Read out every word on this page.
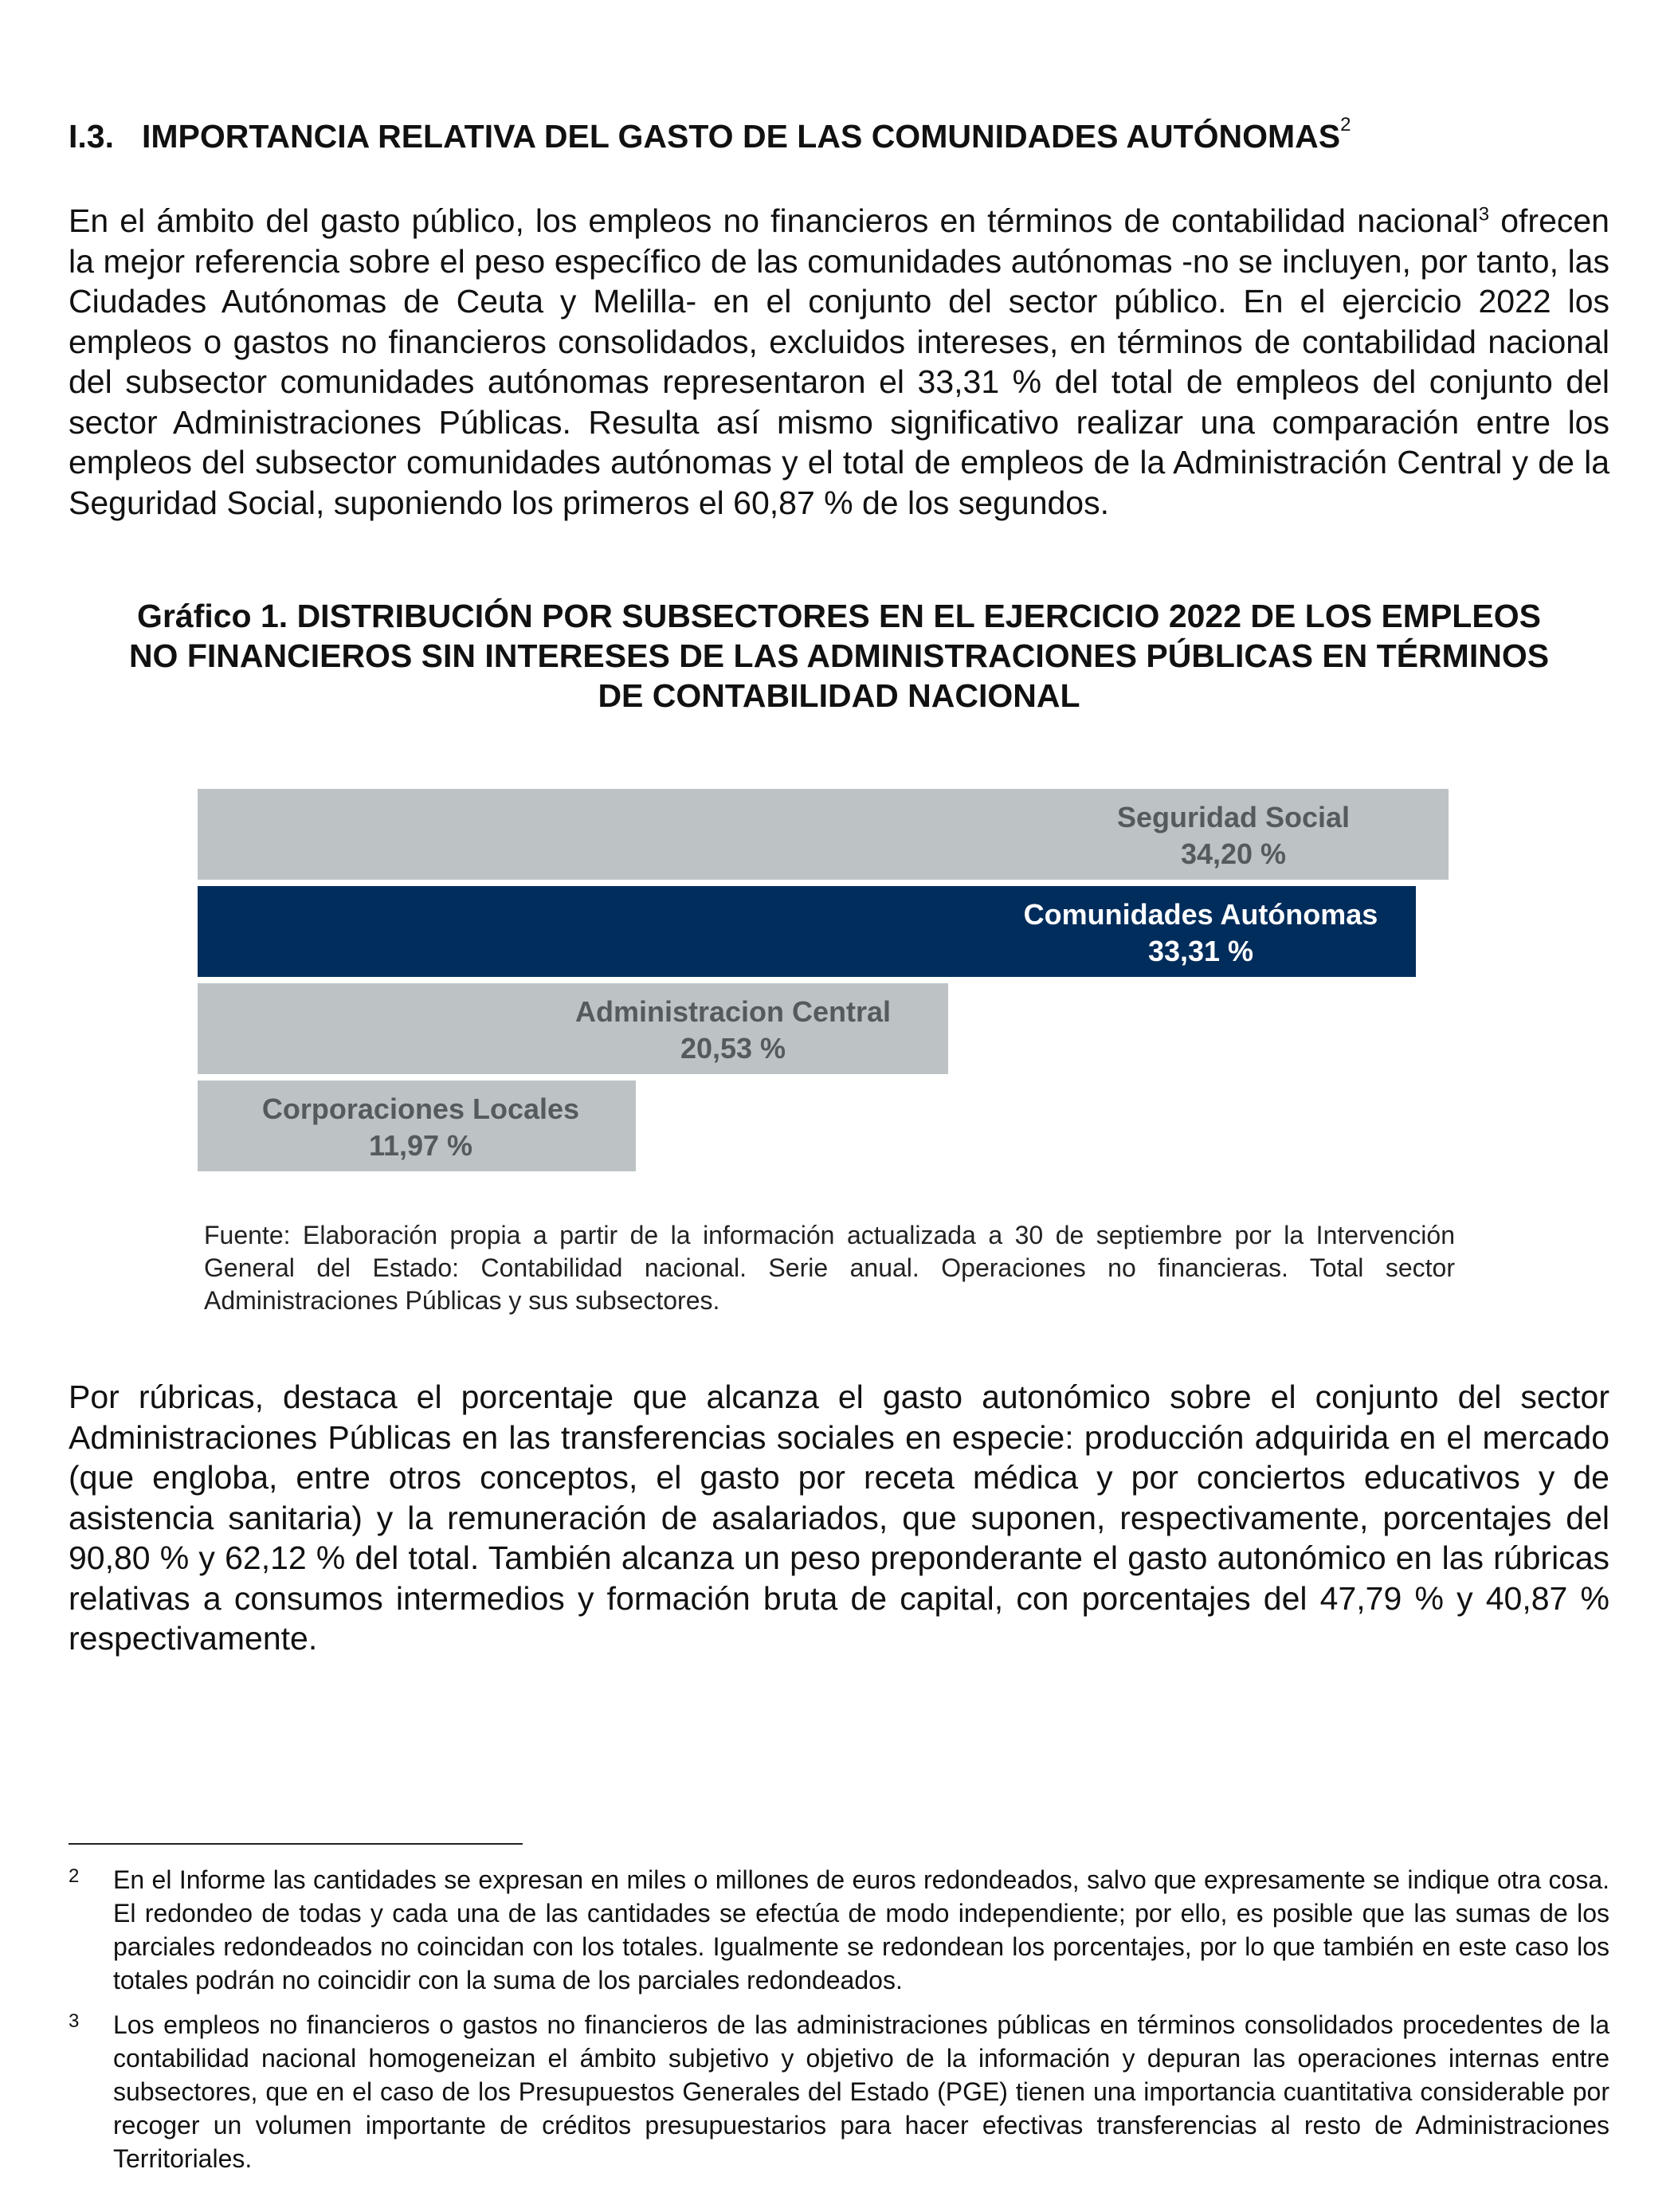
I.3. IMPORTANCIA RELATIVA DEL GASTO DE LAS COMUNIDADES AUTÓNOMAS$^2$

En el ámbito del gasto público, los empleos no financieros en términos de contabilidad nacional$^3$ ofrecen la mejor referencia sobre el peso específico de las comunidades autónomas -no se incluyen, por tanto, las Ciudades Autónomas de Ceuta y Melilla- en el conjunto del sector público. En el ejercicio 2022 los empleos o gastos no financieros consolidados, excluidos intereses, en términos de contabilidad nacional del subsector comunidades autónomas representaron el 33,31 % del total de empleos del conjunto del sector Administraciones Públicas. Resulta así mismo significativo realizar una comparación entre los empleos del subsector comunidades autónomas y el total de empleos de la Administración Central y de la Seguridad Social, suponiendo los primeros el 60,87 % de los segundos.

Gráfico 1. DISTRIBUCIÓN POR SUBSECTORES EN EL EJERCICIO 2022 DE LOS EMPLEOS
NO FINANCIEROS SIN INTERESES DE LAS ADMINISTRACIONES PÚBLICAS EN TÉRMINOS
DE CONTABILIDAD NACIONAL

Seguridad Social
34,20 %
Comunidades Autónomas
33,31 %
Administracion Central
20,53 %
Corporaciones Locales
11,97 %

Fuente: Elaboración propia a partir de la información actualizada a 30 de septiembre por la Intervención General del Estado: Contabilidad nacional. Serie anual. Operaciones no financieras. Total sector Administraciones Públicas y sus subsectores.

Por rúbricas, destaca el porcentaje que alcanza el gasto autonómico sobre el conjunto del sector Administraciones Públicas en las transferencias sociales en especie: producción adquirida en el mercado (que engloba, entre otros conceptos, el gasto por receta médica y por conciertos educativos y de asistencia sanitaria) y la remuneración de asalariados, que suponen, respectivamente, porcentajes del 90,80 % y 62,12 % del total. También alcanza un peso preponderante el gasto autonómico en las rúbricas relativas a consumos intermedios y formación bruta de capital, con porcentajes del 47,79 % y 40,87 % respectivamente.

2 En el Informe las cantidades se expresan en miles o millones de euros redondeados, salvo que expresamente se indique otra cosa. El redondeo de todas y cada una de las cantidades se efectúa de modo independiente; por ello, es posible que las sumas de los parciales redondeados no coincidan con los totales. Igualmente se redondean los porcentajes, por lo que también en este caso los totales podrán no coincidir con la suma de los parciales redondeados.
3 Los empleos no financieros o gastos no financieros de las administraciones públicas en términos consolidados procedentes de la contabilidad nacional homogeneizan el ámbito subjetivo y objetivo de la información y depuran las operaciones internas entre subsectores, que en el caso de los Presupuestos Generales del Estado (PGE) tienen una importancia cuantitativa considerable por recoger un volumen importante de créditos presupuestarios para hacer efectivas transferencias al resto de Administraciones Territoriales.
